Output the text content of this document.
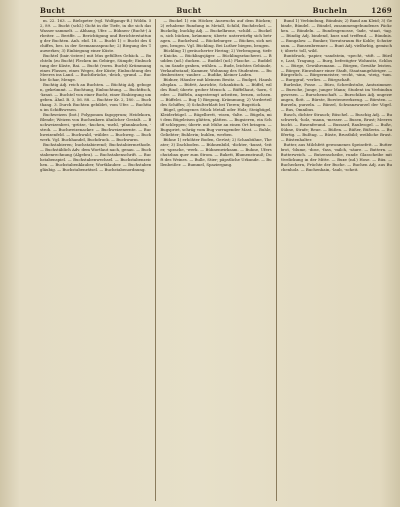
Bucht	Bucht	Bucheln	1269

m. 22. 163. — Bielspeter (vgl. Wolfgangs-B.) Wöldn. 52, 89. — Bucht (schl.) Gicht in die Tiefe, in die sich das Wasser sammelt. — Abhang, Ufer. — Bühnen- (Bucht-) Arbeiter. — Beriffe. — Berichtigung und Berichterstattung der Buchten. Anh. ebd. 18. — Bucht 1) = Bucht des Schiffes, bes. in der Seemannssprache; 2) Biegung des Tauwerkes; 3) Einbiegung einer Küste.

Buchtel (bair.-österr.) mit Mus gefülltes Gebäck. — Buchteln (zu Bucht) Flecken im Gebirge, Sümpfe; Einbuchtung der Küste, Bai. — Bucht (vorm. Bucht) Krümmung eines Flusses, eines Weges, der Küste; Einbuchtung des Meeres ins Land. — Buchtbrücke, -deich, -grund. — Buchte Schar, Menge.

Buchtig Adj. reich an Buchten. — Büchtig Adj. gebogen, gekrümmt. — Buchtung, Einbuchtung. — Buchtfisch, -kraut. — Buchtel von einer Bucht, einer Einbiegung umgeben. Ähnl. B. 3, 56. 88. — Buchter Kr. 2, 180. — Buchthang. 3. Durch Buchten gebildet, vom Ufer. — Buchttau im Schiffswesen.

Buchweizen (bot.) Polygonum fagopyrum; Heidekorn, Blende; Weizen von Buchenkern ähnlicher Gestalt. — Buchweizenbrei, -grütze, -kuchen, -mehl, -pfannkuchen, -stroh. — Buchweizenacker. — Buchweizenernte. — Buchweizenfeld. — Buchwald, -wälder. — Buchweg. — Buchwerk. Vgl. Buchhandel, Buchdruck. — Buchwurm.

Buchstabieren; buchstabierend; Buchstabiermethode. — Buchstäblich Adv. dem Wortlaut nach, genau. — Buchstabenrechnung (Algebra). — Buchstabenschrift. — Buchstabenspiel. — Buchstabenwechsel. — Buchstabenzeichen. — Buchstabenklauber, Wortklauber. — Buchstabengläubig. — Buchstabenrätsel. — Buchstabenordnung.

— Buckel 1) ein Höcker, Auswuchs auf dem Rücken; 2) erhabene Rundung in Metall, Schild, Buchdeckel. — Buckelig, bucklig Adj. — Buckelkrone, -schild. — Buckeln, sich bücken, krümmen; übertr. unterwürfig sich betragen. — Buckelwal. — Bückeburger. — Bücken, sich neigen, beugen. Vgl. Bückling. Bei Luther biegen, beugen.

Bückling 1) geräucherter Hering; 2) Verbeugung, tiefer Knicks. — Bücklingsjäger. — Bücklingsräucherei. — Budden (nd.) ducken. — Buddel (nd.) Flasche. — Buddeln, im Sande graben, wühlen. — Bude, leichtes Gebäude, Verkaufsstand; Kammer, Wohnung des Studenten. — Budenbesitzer, -zauber. — Budike, kleiner Laden.

Büdner, Häusler mit kleinem Besitz. — Budget, Haushaltsplan. — Büfett, Anrichte, Schanktisch. — Büffel, wildes Rind; übertr. grober Mensch. — Büffelhaut, -horn, -leder. — Büffeln, angestrengt arbeiten, lernen, ochsen. — Büffelei. — Bug 1) Biegung, Krümmung; 2) Vorderteil des Schiffes; 3) Schulterblatt bei Tieren; Bugstück.

Bügel, gebogenes Stück Metall oder Holz; Steigbügel, Kleiderbügel. — Bügelbrett, -eisen, -falte. — Bügeln, mit dem Bügeleisen glätten, plätten. — Bugsieren, ein Schiff schleppen; übertr. mit Mühe an einen Ort bringen. — Bugspriet, schräg vom Bug vorragender Mast. — Buhle, Geliebter; Buhlerin; buhlen, werben.

Bühne 1) erhöhter Boden, Gerüst; 2) Schaubühne, Theater; 3) Dachboden. — Bühnenbild, -dichter, -kunst, -leiter, -sprache, -werk. — Bühnenwirksam. — Buhne, Uferschutzbau quer zum Strom. — Bukett, Blumenstrauß; Duft des Weines. — Bulle, Stier; päpstliche Urkunde. — Bullenbeißer. — Bummel, Spaziergang.

Bund 1) Verbindung, Bündnis; 2) Band am Kleid; 3) Gebinde, Bündel. — Bündel, zusammengebundenes Päckchen. — Bündeln. — Bundesgenosse, -lade, -staat, -tag. — Bündig Adj. bindend, kurz und treffend. — Bündnis. — Bungalow. — Bunker, Vorratsraum für Kohle; Schutzraum. — Bunsenbrenner. — Bunt Adj. vielfarbig, gemischt; übertr. toll, wild.

Buntdruck, -papier, -sandstein, -specht, -stift. — Bürde, Last, Tragung. — Burg, befestigter Wohnsitz, Schloss. — Bürge, Gewährsmann. — Bürgen, Gewähr leisten. — Bürger, Einwohner einer Stadt, Staatsangehöriger. — Bürgerlich. — Bürgermeister, -recht, -sinn, -steig, -tum. — Burggraf, -verlies. — Bürgschaft.

Burleske, Posse. — Büro, Schreibstube, Amtszimmer. — Bursche, Junge, junger Mann; Student im Verbindungswesen. — Burschenschaft. — Burschikos Adj. ungezwungen, flott. — Bürste, Borstenwerkzeug. — Bürsten. — Burzeln, purzeln. — Bürzel, Schwanzwurzel der Vögel. — Bus, Omnibus.

Busch, dichter Strauch; Büschel. — Buschig Adj. — Buschwerk, -holz, -mann, -messer. — Busen, Brust; Meeresbucht. — Busenfreund. — Bussard, Raubvogel. — Buße, Sühne, Strafe; Reue. — Büßen. — Büßer, Büßerin. — Bußfertig. — Bußtag. — Büste, Brustbild; weibliche Brust. — Büstenhalter.

Butter, aus Milchfett gewonnenes Speisefett. — Butterbrot, -blume, -dose, -fass, -milch, -säure. — Buttern. — Butterweich. — Butzenscheibe, runde Glasscheibe mit Verdickung in der Mitte. — Buxe (nd.) Hose. — Büx. — Bucheckern, Früchte der Buche. — Buchen Adj. aus Buchenholz. — Buchenhain, -laub, -scheit.
